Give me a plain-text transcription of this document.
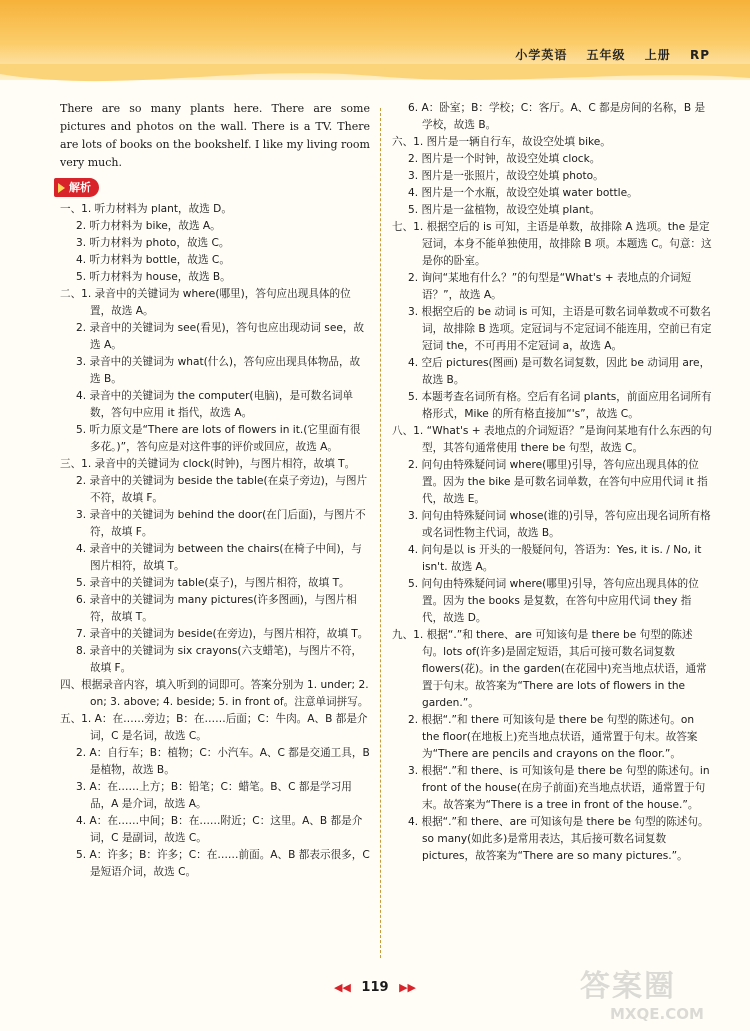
小学英语 五年级 上册 RP

There are so many plants here. There are some pictures and photos on the wall. There is a TV. There are lots of books on the bookshelf. I like my living room very much.

解析

一、1. 听力材料为 plant，故选 D。

2. 听力材料为 bike，故选 A。

3. 听力材料为 photo，故选 C。

4. 听力材料为 bottle，故选 C。

5. 听力材料为 house，故选 B。

二、1. 录音中的关键词为 where(哪里)，答句应出现具体的位置，故选 A。

2. 录音中的关键词为 see(看见)，答句也应出现动词 see，故选 A。

3. 录音中的关键词为 what(什么)，答句应出现具体物品，故选 B。

4. 录音中的关键词为 the computer(电脑)，是可数名词单数，答句中应用 it 指代，故选 A。

5. 听力原文是“There are lots of flowers in it.(它里面有很多花。)”，答句应是对这件事的评价或回应，故选 A。

三、1. 录音中的关键词为 clock(时钟)，与图片相符，故填 T。

2. 录音中的关键词为 beside the table(在桌子旁边)，与图片不符，故填 F。

3. 录音中的关键词为 behind the door(在门后面)，与图片不符，故填 F。

4. 录音中的关键词为 between the chairs(在椅子中间)，与图片相符，故填 T。

5. 录音中的关键词为 table(桌子)，与图片相符，故填 T。

6. 录音中的关键词为 many pictures(许多图画)，与图片相符，故填 T。

7. 录音中的关键词为 beside(在旁边)，与图片相符，故填 T。

8. 录音中的关键词为 six crayons(六支蜡笔)，与图片不符，故填 F。

四、根据录音内容，填入听到的词即可。答案分别为 1. under; 2. on; 3. above; 4. beside; 5. in front of。注意单词拼写。

五、1. A：在……旁边；B：在……后面；C：牛肉。A、B 都是介词，C 是名词，故选 C。

2. A：自行车；B：植物；C：小汽车。A、C 都是交通工具，B 是植物，故选 B。

3. A：在……上方；B：铅笔；C：蜡笔。B、C 都是学习用品，A 是介词，故选 A。

4. A：在……中间；B：在……附近；C：这里。A、B 都是介词，C 是副词，故选 C。

5. A：许多；B：许多；C：在……前面。A、B 都表示很多，C 是短语介词，故选 C。

6. A：卧室；B：学校；C：客厅。A、C 都是房间的名称，B 是学校，故选 B。

六、1. 图片是一辆自行车，故设空处填 bike。

2. 图片是一个时钟，故设空处填 clock。

3. 图片是一张照片，故设空处填 photo。

4. 图片是一个水瓶，故设空处填 water bottle。

5. 图片是一盆植物，故设空处填 plant。

七、1. 根据空后的 is 可知，主语是单数，故排除 A 选项。the 是定冠词，本身不能单独使用，故排除 B 项。本题选 C。句意：这是你的卧室。

2. 询问“某地有什么？”的句型是“What's + 表地点的介词短语？”，故选 A。

3. 根据空后的 be 动词 is 可知，主语是可数名词单数或不可数名词，故排除 B 选项。定冠词与不定冠词不能连用，空前已有定冠词 the，不可再用不定冠词 a，故选 A。

4. 空后 pictures(图画) 是可数名词复数，因此 be 动词用 are，故选 B。

5. 本题考查名词所有格。空后有名词 plants，前面应用名词所有格形式，Mike 的所有格直接加“'s”，故选 C。

八、1. “What's + 表地点的介词短语？”是询问某地有什么东西的句型，其答句通常使用 there be 句型，故选 C。

2. 问句由特殊疑问词 where(哪里)引导，答句应出现具体的位置。因为 the bike 是可数名词单数，在答句中应用代词 it 指代，故选 E。

3. 问句由特殊疑问词 whose(谁的)引导，答句应出现名词所有格或名词性物主代词，故选 B。

4. 问句是以 is 开头的一般疑问句，答语为：Yes, it is. / No, it isn't. 故选 A。

5. 问句由特殊疑问词 where(哪里)引导，答句应出现具体的位置。因为 the books 是复数，在答句中应用代词 they 指代，故选 D。

九、1. 根据“.”和 there、are 可知该句是 there be 句型的陈述句。lots of(许多)是固定短语，其后可接可数名词复数 flowers(花)。in the garden(在花园中)充当地点状语，通常置于句末。故答案为“There are lots of flowers in the garden.”。

2. 根据“.”和 there 可知该句是 there be 句型的陈述句。on the floor(在地板上)充当地点状语，通常置于句末。故答案为“There are pencils and crayons on the floor.”。

3. 根据“.”和 there、is 可知该句是 there be 句型的陈述句。in front of the house(在房子前面)充当地点状语，通常置于句末。故答案为“There is a tree in front of the house.”。

4. 根据“.”和 there、are 可知该句是 there be 句型的陈述句。so many(如此多)是常用表达，其后接可数名词复数 pictures，故答案为“There are so many pictures.”。

◀◀ 119 ▶▶	答案圈
MXQE.COM
